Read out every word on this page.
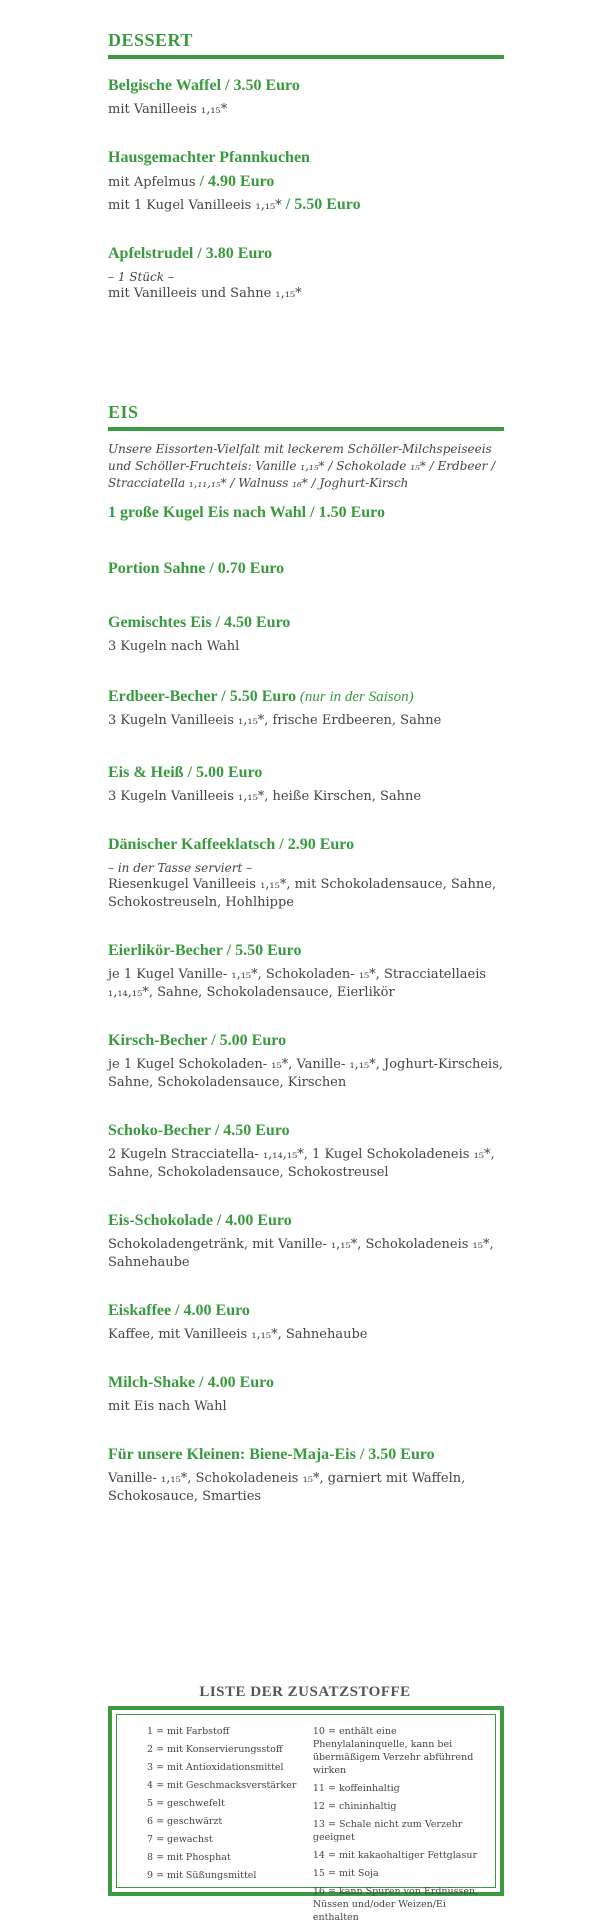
DESSERT
Belgische Waffel / 3.50 Euro
mit Vanilleeis ₁,₁₅*
Hausgemachter Pfannkuchen
mit Apfelmus / 4.90 Euro
mit 1 Kugel Vanilleeis ₁,₁₅* / 5.50 Euro
Apfelstrudel / 3.80 Euro
– 1 Stück –
mit Vanilleeis und Sahne ₁,₁₅*
EIS
Unsere Eissorten-Vielfalt mit leckerem Schöller-Milchspeiseeis und Schöller-Fruchteis: Vanille ₁,₁₅* / Schokolade ₁₅* / Erdbeer / Stracciatella ₁,₁₁,₁₅* / Walnuss ₁₆* / Joghurt-Kirsch
1 große Kugel Eis nach Wahl / 1.50 Euro
Portion Sahne / 0.70 Euro
Gemischtes Eis / 4.50 Euro
3 Kugeln nach Wahl
Erdbeer-Becher / 5.50 Euro (nur in der Saison)
3 Kugeln Vanilleeis ₁,₁₅*, frische Erdbeeren, Sahne
Eis & Heiß / 5.00 Euro
3 Kugeln Vanilleeis ₁,₁₅*, heiße Kirschen, Sahne
Dänischer Kaffeeklatsch / 2.90 Euro
– in der Tasse serviert –
Riesenkugel Vanilleeis ₁,₁₅*, mit Schokoladensauce, Sahne, Schokostreuseln, Hohlhippe
Eierlikör-Becher / 5.50 Euro
je 1 Kugel Vanille- ₁,₁₅*, Schokoladen- ₁₅*, Stracciatellaeis ₁,₁₄,₁₅*, Sahne, Schokoladensauce, Eierlikör
Kirsch-Becher / 5.00 Euro
je 1 Kugel Schokoladen- ₁₅*, Vanille- ₁,₁₅*, Joghurt-Kirscheis, Sahne, Schokoladensauce, Kirschen
Schoko-Becher / 4.50 Euro
2 Kugeln Stracciatella- ₁,₁₄,₁₅*, 1 Kugel Schokoladeneis ₁₅*, Sahne, Schokoladensauce, Schokostreusel
Eis-Schokolade / 4.00 Euro
Schokoladengetränk, mit Vanille- ₁,₁₅*, Schokoladeneis ₁₅*, Sahnehaube
Eiskaffee / 4.00 Euro
Kaffee, mit Vanilleeis ₁,₁₅*, Sahnehaube
Milch-Shake / 4.00 Euro
mit Eis nach Wahl
Für unsere Kleinen: Biene-Maja-Eis / 3.50 Euro
Vanille- ₁,₁₅*, Schokoladeneis ₁₅*, garniert mit Waffeln, Schokosauce, Smarties
LISTE DER ZUSATZSTOFFE
1 = mit Farbstoff
2 = mit Konservierungsstoff
3 = mit Antioxidationsmittel
4 = mit Geschmacksverstärker
5 = geschwefelt
6 = geschwärzt
7 = gewachst
8 = mit Phosphat
9 = mit Süßungsmittel
10 = enthält eine Phenylalaninquelle, kann bei übermäßigem Verzehr abführend wirken
11 = koffeinhaltig
12 = chininhaltig
13 = Schale nicht zum Verzehr geeignet
14 = mit kakaohaltiger Fettglasur
15 = mit Soja
16 = kann Spuren von Erdnüssen, Nüssen und/oder Weizen/Ei enthalten
